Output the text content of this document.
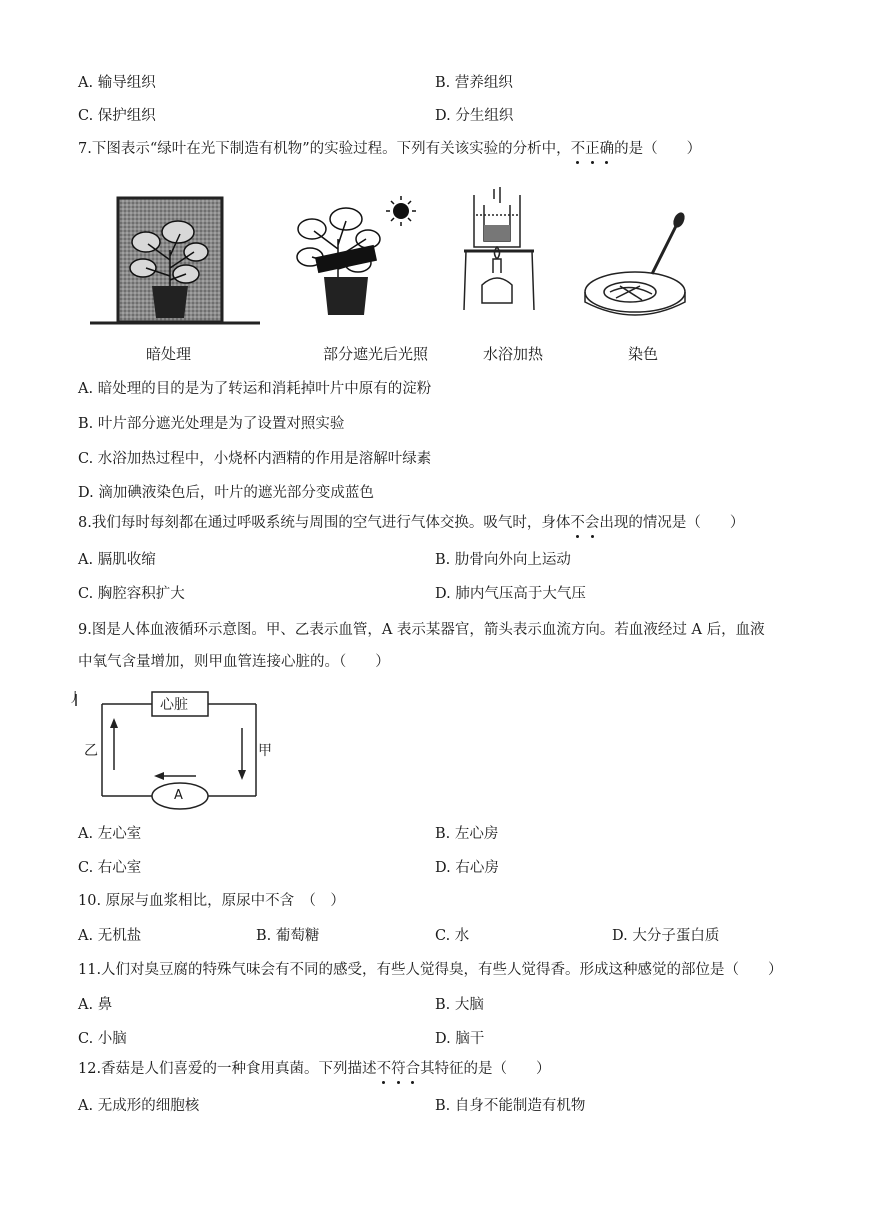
A. 输导组织	B. 营养组织
C. 保护组织	D. 分生组织
7.下图表示“绿叶在光下制造有机物”的实验过程。下列有关该实验的分析中，不正确的是（　　）
暗处理	部分遮光后光照	水浴加热	染色
A. 暗处理的目的是为了转运和消耗掉叶片中原有的淀粉
B. 叶片部分遮光处理是为了设置对照实验
C. 水浴加热过程中，小烧杯内酒精的作用是溶解叶绿素
D. 滴加碘液染色后，叶片的遮光部分变成蓝色
8.我们每时每刻都在通过呼吸系统与周围的空气进行气体交换。吸气时，身体不会出现的情况是（　　）
A. 膈肌收缩	B. 肋骨向外向上运动
C. 胸腔容积扩大	D. 肺内气压高于大气压
9.图是人体血液循环示意图。甲、乙表示血管，A 表示某器官，箭头表示血流方向。若血液经过 A 后，血液
中氧气含量增加，则甲血管连接心脏的。（　　）
丿	心脏
A
乙	甲
A. 左心室	B. 左心房
C. 右心室	D. 右心房
10. 原尿与血浆相比，原尿中不含　（　）
A. 无机盐	B. 葡萄糖	C. 水	D. 大分子蛋白质
11.人们对臭豆腐的特殊气味会有不同的感受，有些人觉得臭，有些人觉得香。形成这种感觉的部位是（　　）
A. 鼻	B. 大脑
C. 小脑	D. 脑干
12.香菇是人们喜爱的一种食用真菌。下列描述不符合其特征的是（　　）
A. 无成形的细胞核	B. 自身不能制造有机物
